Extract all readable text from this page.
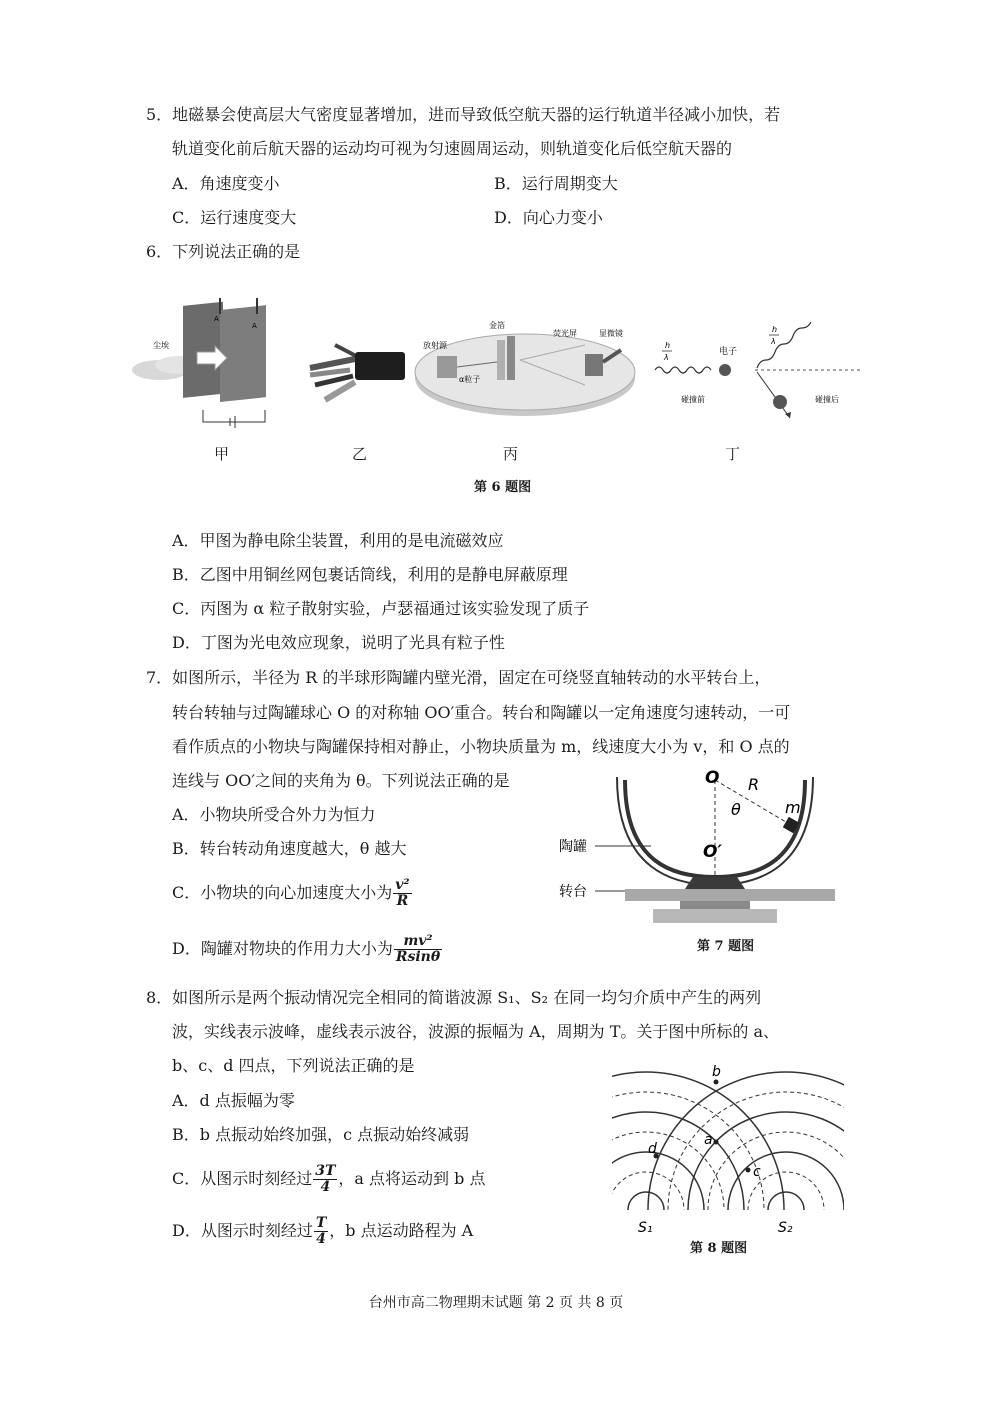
5．地磁暴会使高层大气密度显著增加，进而导致低空航天器的运行轨道半径减小加快，若
轨道变化前后航天器的运动均可视为匀速圆周运动，则轨道变化后低空航天器的
A．角速度变小	B．运行周期变大
C．运行速度变大	D．向心力变小
6．下列说法正确的是
尘埃
A
A
放射源
金箔
荧光屏	显微镜
α粒子
h
λ
电子
碰撞前
h
λ
碰撞后
甲	乙	丙	丁
第 6 题图
A．甲图为静电除尘装置，利用的是电流磁效应
B．乙图中用铜丝网包裹话筒线，利用的是静电屏蔽原理
C．丙图为 α 粒子散射实验，卢瑟福通过该实验发现了质子
D．丁图为光电效应现象，说明了光具有粒子性
7．如图所示，半径为 R 的半球形陶罐内壁光滑，固定在可绕竖直轴转动的水平转台上，
转台转轴与过陶罐球心 O 的对称轴 OO′重合。转台和陶罐以一定角速度匀速转动，一可
看作质点的小物块与陶罐保持相对静止，小物块质量为 m，线速度大小为 v，和 O 点的
连线与 OO′之间的夹角为 θ。下列说法正确的是
A．小物块所受合外力为恒力
B．转台转动角速度越大，θ 越大
C．小物块的向心加速度大小为 $\frac{\text{v²}}{R}$
D．陶罐对物块的作用力大小为 $\frac{\text{mv²}}{Rsin\theta}$
O R
m
θ
O′
陶罐
转台
第 7 题图
8．如图所示是两个振动情况完全相同的简谐波源 S₁、S₂ 在同一均匀介质中产生的两列
波，实线表示波峰，虚线表示波谷，波源的振幅为 A，周期为 T。关于图中所标的 a、
b、c、d 四点，下列说法正确的是
A．d 点振幅为零
B．b 点振动始终加强，c 点振动始终减弱
C．从图示时刻经过 $\frac{3T}{4}$ ，a 点将运动到 b 点
D．从图示时刻经过 $\frac{T}{4}$ ，b 点运动路程为 A
b
a
d
c
S₁	S₂
第 8 题图
台州市高二物理期末试题 第 2 页 共 8 页
